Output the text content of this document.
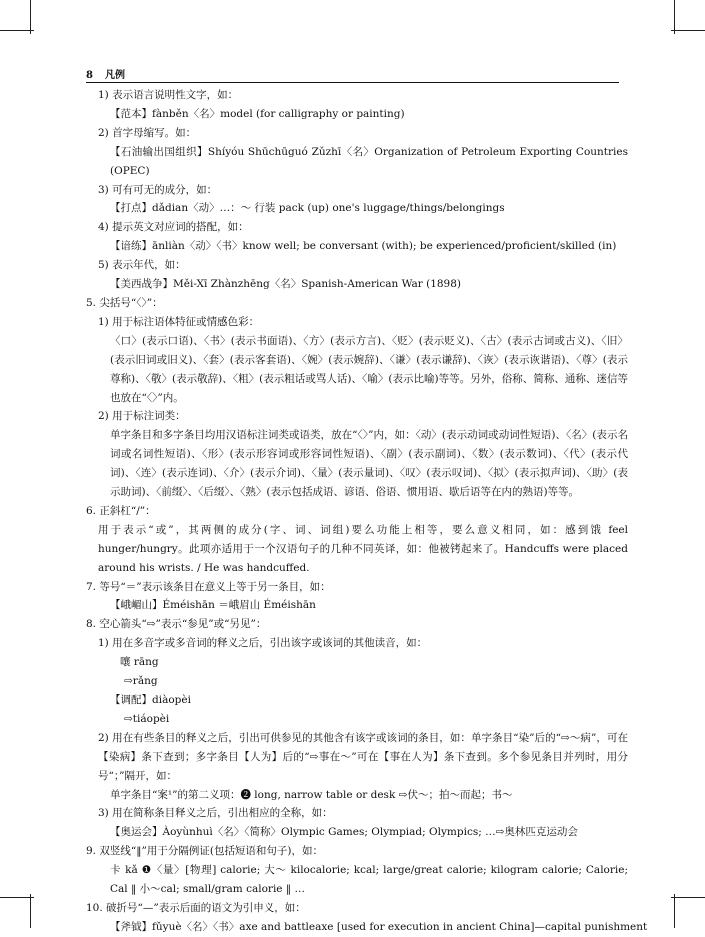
8 凡例
1) 表示语言说明性文字，如：
【范本】fànběn〈名〉model (for calligraphy or painting)
2) 首字母缩写。如：
【石油输出国组织】Shíyóu Shūchūguó Zǔzhī〈名〉Organization of Petroleum Exporting Countries (OPEC)
3) 可有可无的成分，如：
【打点】dǎdian〈动〉…：～ 行装 pack (up) one's luggage/things/belongings
4) 提示英文对应词的搭配，如：
【谙练】ānliàn〈动〉〈书〉know well; be conversant (with); be experienced/proficient/skilled (in)
5) 表示年代，如：
【美西战争】Měi-Xī Zhànzhēng〈名〉Spanish-American War (1898)
5. 尖括号“〈〉”：
1) 用于标注语体特征或情感色彩：
〈口〉(表示口语)、〈书〉(表示书面语)、〈方〉(表示方言)、〈贬〉(表示贬义)、〈古〉(表示古词或古义)、〈旧〉(表示旧词或旧义)、〈套〉(表示客套语)、〈婉〉(表示婉辞)、〈谦〉(表示谦辞)、〈诙〉(表示诙谐语)、〈尊〉(表示尊称)、〈敬〉(表示敬辞)、〈粗〉(表示粗话或骂人话)、〈喻〉(表示比喻)等等。另外，俗称、简称、通称、迷信等也放在“〈〉”内。
2) 用于标注词类：
单字条目和多字条目均用汉语标注词类或语类，放在“〈〉”内，如：〈动〉(表示动词或动词性短语)、〈名〉(表示名词或名词性短语)、〈形〉(表示形容词或形容词性短语)、〈副〉(表示副词)、〈数〉(表示数词)、〈代〉(表示代词)、〈连〉(表示连词)、〈介〉(表示介词)、〈量〉(表示量词)、〈叹〉(表示叹词)、〈拟〉(表示拟声词)、〈助〉(表示助词)、〈前缀〉、〈后缀〉、〈熟〉(表示包括成语、谚语、俗语、惯用语、歇后语等在内的熟语)等等。
6. 正斜杠“/”：
用于表示“或”，其两侧的成分(字、词、词组)要么功能上相等，要么意义相同，如：感到饿 feel hunger/hungry。此项亦适用于一个汉语句子的几种不同英译，如：他被铐起来了。Handcuffs were placed around his wrists. / He was handcuffed.
7. 等号“＝”表示该条目在意义上等于另一条目，如：
【峨嵋山】Éméishān ＝峨眉山 Éméishān
8. 空心箭头“⇨”表示“参见”或“另见”：
1) 用在多音字或多音词的释义之后，引出该字或该词的其他读音，如：
嚷 rāng
⇨rǎng
【调配】diàopèi
⇨tiáopèi
2) 用在有些条目的释义之后，引出可供参见的其他含有该字或该词的条目，如：单字条目“染”后的“⇨～病”，可在【染病】条下查到；多字条目【人为】后的“⇨事在～”可在【事在人为】条下查到。多个参见条目并列时，用分号“；”隔开，如：
单字条目“案¹”的第二义项：❷ long, narrow table or desk ⇨伏～；拍～而起；书～
3) 用在简称条目释义之后，引出相应的全称，如：
【奥运会】Àoyùnhuì〈名〉〈简称〉Olympic Games; Olympiad; Olympics; …⇨奥林匹克运动会
9. 双竖线“‖”用于分隔例证(包括短语和句子)，如：
卡 kǎ ❶〈量〉[物理] calorie; 大～ kilocalorie; kcal; large/great calorie; kilogram calorie; Calorie; Cal ‖ 小～cal; small/gram calorie ‖ …
10. 破折号“—”表示后面的语文为引申义，如：
【斧钺】fǔyuè〈名〉〈书〉axe and battleaxe [used for execution in ancient China]—capital punishment
